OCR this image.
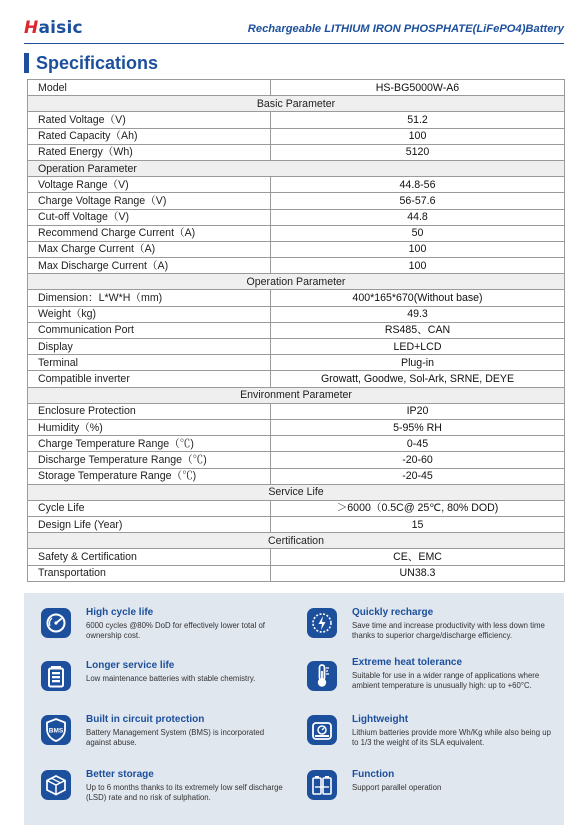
Haisic	Rechargeable LITHIUM IRON PHOSPHATE(LiFePO4)Battery
Specifications
Model	HS-BG5000W-A6
Basic Parameter	
Rated Voltage（V)	51.2
Rated Capacity（Ah)	100
Rated Energy（Wh)	5120
Operation Parameter	
Voltage Range（V)	44.8-56
Charge Voltage Range（V)	56-57.6
Cut-off Voltage（V)	44.8
Recommend Charge Current（A)	50
Max Charge Current（A)	100
Max Discharge Current（A)	100
Operation Parameter	
Dimension：L*W*H（mm)	400*165*670(Without base)
Weight（kg)	49.3
Communication Port	RS485、CAN
Display	LED+LCD
Terminal	Plug-in
Compatible inverter	Growatt, Goodwe, Sol-Ark, SRNE, DEYE
Environment Parameter	
Enclosure Protection	IP20
Humidity（%)	5-95% RH
Charge Temperature Range（℃)	0-45
Discharge Temperature Range（℃)	-20-60
Storage Temperature Range（℃)	-20-45
Service Life	
Cycle Life	＞6000（0.5C@ 25℃, 80% DOD)
Design Life (Year)	15
Certification	
Safety & Certification	CE、EMC
Transportation	UN38.3
High cycle life
6000 cycles @80% DoD for effectively lower total of ownership cost.
Quickly recharge
Save time and increase productivity with less down time thanks to superior charge/discharge efficiency.
Longer service life
Low maintenance batteries with stable chemistry.
Extreme heat tolerance
Suitable for use in a wider range of applications where ambient temperature is unusually high: up to +60°C.
BMS
Built in circuit protection
Battery Management System (BMS) is incorporated against abuse.
Lightweight
Lithium batteries provide more Wh/Kg while also being up to 1/3 the weight of its SLA equivalent.
Better storage
Up to 6 months thanks to its extremely low self discharge (LSD) rate and no risk of sulphation.
Function
Support parallel operation
